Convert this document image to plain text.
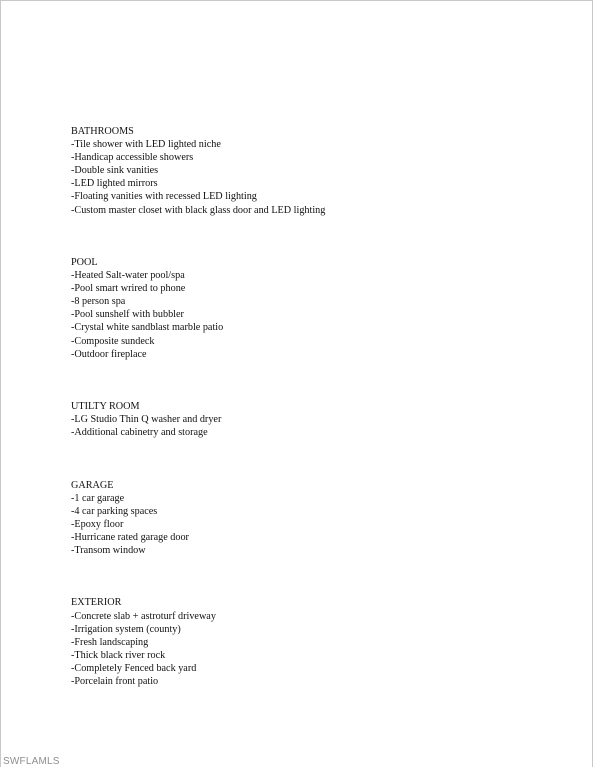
BATHROOMS
-Tile shower with LED lighted niche
-Handicap accessible showers
-Double sink vanities
-LED lighted mirrors
-Floating vanities with recessed LED lighting
-Custom master closet with black glass door and LED lighting
POOL
-Heated Salt-water pool/spa
-Pool smart wrired to phone
-8 person spa
-Pool sunshelf with bubbler
-Crystal white sandblast marble patio
-Composite sundeck
-Outdoor fireplace
UTILTY ROOM
-LG Studio Thin Q washer and dryer
-Additional cabinetry and storage
GARAGE
-1 car garage
-4 car parking spaces
-Epoxy floor
-Hurricane rated garage door
-Transom window
EXTERIOR
-Concrete slab + astroturf driveway
-Irrigation system (county)
-Fresh landscaping
-Thick black river rock
-Completely Fenced back yard
-Porcelain front patio
SWFLAMLS
